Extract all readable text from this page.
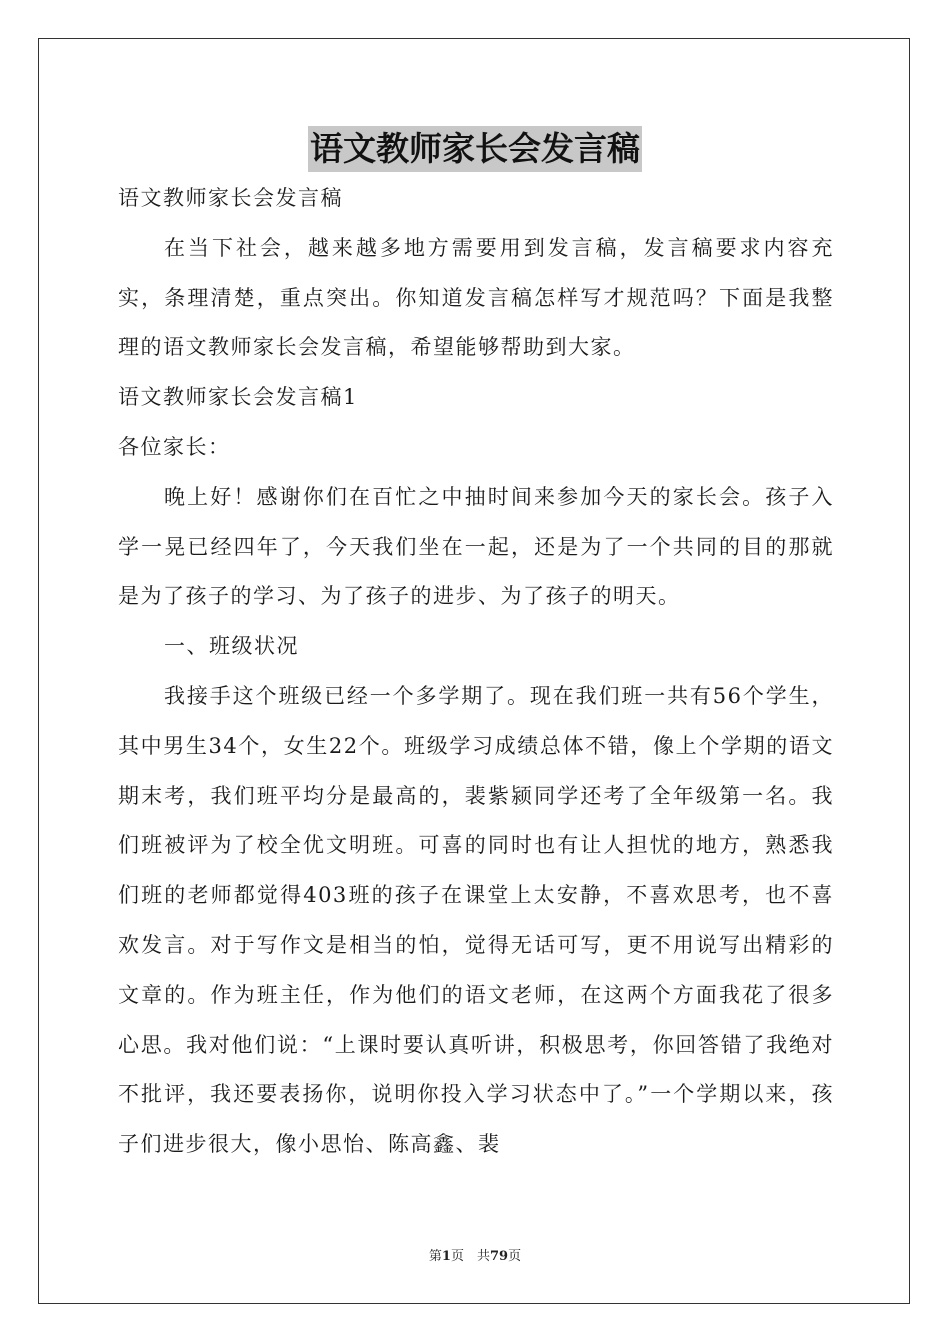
语文教师家长会发言稿

语文教师家长会发言稿

在当下社会，越来越多地方需要用到发言稿，发言稿要求内容充实，条理清楚，重点突出。你知道发言稿怎样写才规范吗？下面是我整理的语文教师家长会发言稿，希望能够帮助到大家。

语文教师家长会发言稿1

各位家长：

晚上好！感谢你们在百忙之中抽时间来参加今天的家长会。孩子入学一晃已经四年了，今天我们坐在一起，还是为了一个共同的目的那就是为了孩子的学习、为了孩子的进步、为了孩子的明天。

一、班级状况

我接手这个班级已经一个多学期了。现在我们班一共有56个学生，其中男生34个，女生22个。班级学习成绩总体不错，像上个学期的语文期末考，我们班平均分是最高的，裴紫颍同学还考了全年级第一名。我们班被评为了校全优文明班。可喜的同时也有让人担忧的地方，熟悉我们班的老师都觉得403班的孩子在课堂上太安静，不喜欢思考，也不喜欢发言。对于写作文是相当的怕，觉得无话可写，更不用说写出精彩的文章的。作为班主任，作为他们的语文老师，在这两个方面我花了很多心思。我对他们说：“上课时要认真听讲，积极思考，你回答错了我绝对不批评，我还要表扬你，说明你投入学习状态中了。”一个学期以来，孩子们进步很大，像小思怡、陈高鑫、裴

第1页　共79页
